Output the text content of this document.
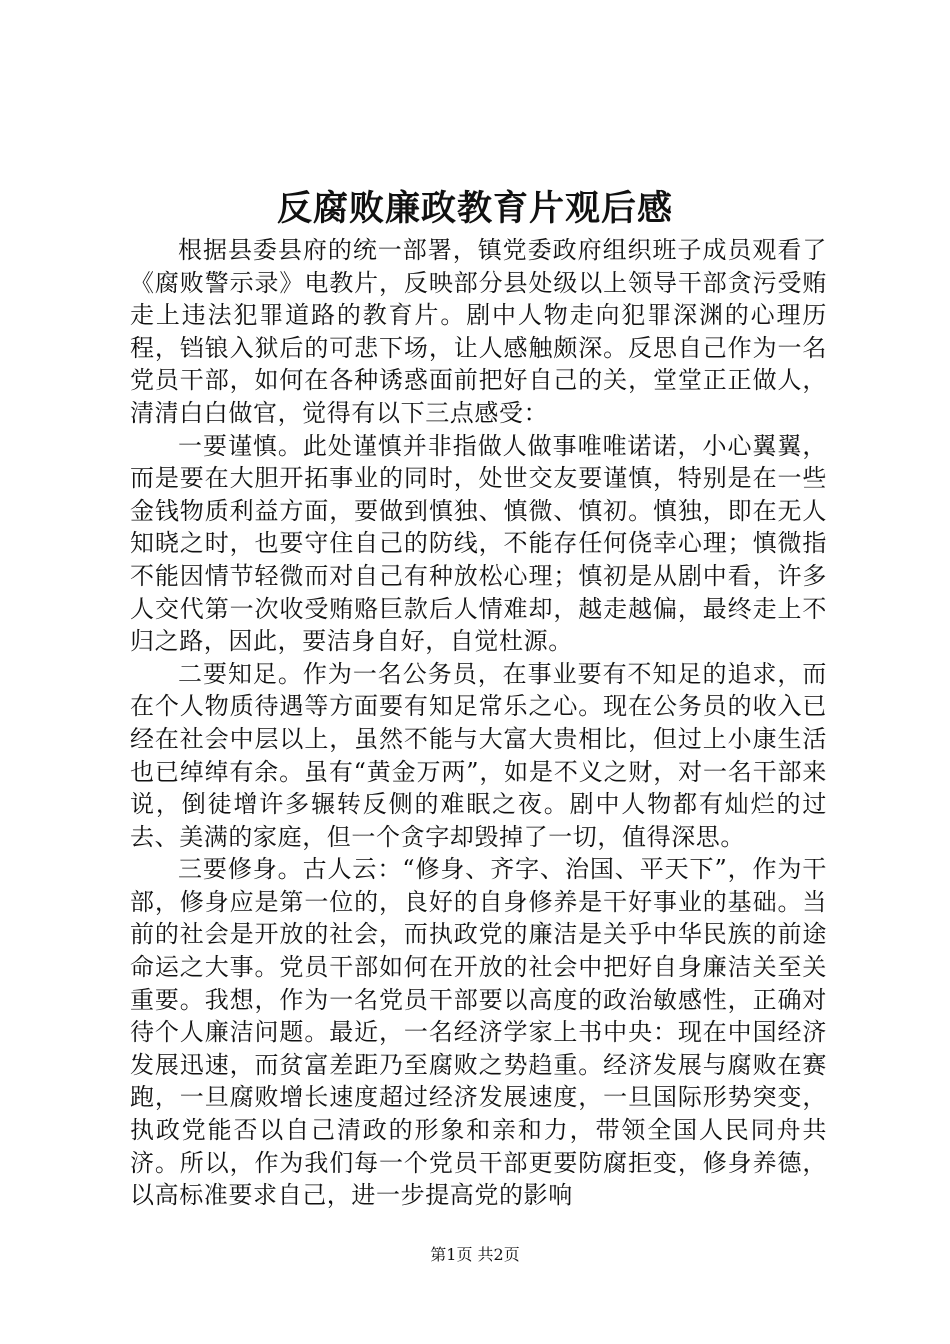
反腐败廉政教育片观后感

根据县委县府的统一部署，镇党委政府组织班子成员观看了《腐败警示录》电教片，反映部分县处级以上领导干部贪污受贿走上违法犯罪道路的教育片。剧中人物走向犯罪深渊的心理历程，铛锒入狱后的可悲下场，让人感触颇深。反思自己作为一名党员干部，如何在各种诱惑面前把好自己的关，堂堂正正做人，清清白白做官，觉得有以下三点感受：

一要谨慎。此处谨慎并非指做人做事唯唯诺诺，小心翼翼，而是要在大胆开拓事业的同时，处世交友要谨慎，特别是在一些金钱物质利益方面，要做到慎独、慎微、慎初。慎独，即在无人知晓之时，也要守住自己的防线，不能存任何侥幸心理；慎微指不能因情节轻微而对自己有种放松心理；慎初是从剧中看，许多人交代第一次收受贿赂巨款后人情难却，越走越偏，最终走上不归之路，因此，要洁身自好，自觉杜源。

二要知足。作为一名公务员，在事业要有不知足的追求，而在个人物质待遇等方面要有知足常乐之心。现在公务员的收入已经在社会中层以上，虽然不能与大富大贵相比，但过上小康生活也已绰绰有余。虽有“黄金万两”，如是不义之财，对一名干部来说，倒徒增许多辗转反侧的难眠之夜。剧中人物都有灿烂的过去、美满的家庭，但一个贪字却毁掉了一切，值得深思。

三要修身。古人云：“修身、齐字、治国、平天下”，作为干部，修身应是第一位的，良好的自身修养是干好事业的基础。当前的社会是开放的社会，而执政党的廉洁是关乎中华民族的前途命运之大事。党员干部如何在开放的社会中把好自身廉洁关至关重要。我想，作为一名党员干部要以高度的政治敏感性，正确对待个人廉洁问题。最近，一名经济学家上书中央：现在中国经济发展迅速，而贫富差距乃至腐败之势趋重。经济发展与腐败在赛跑，一旦腐败增长速度超过经济发展速度，一旦国际形势突变，执政党能否以自己清政的形象和亲和力，带领全国人民同舟共济。所以，作为我们每一个党员干部更要防腐拒变，修身养德，以高标准要求自己，进一步提高党的影响

第1页 共2页
